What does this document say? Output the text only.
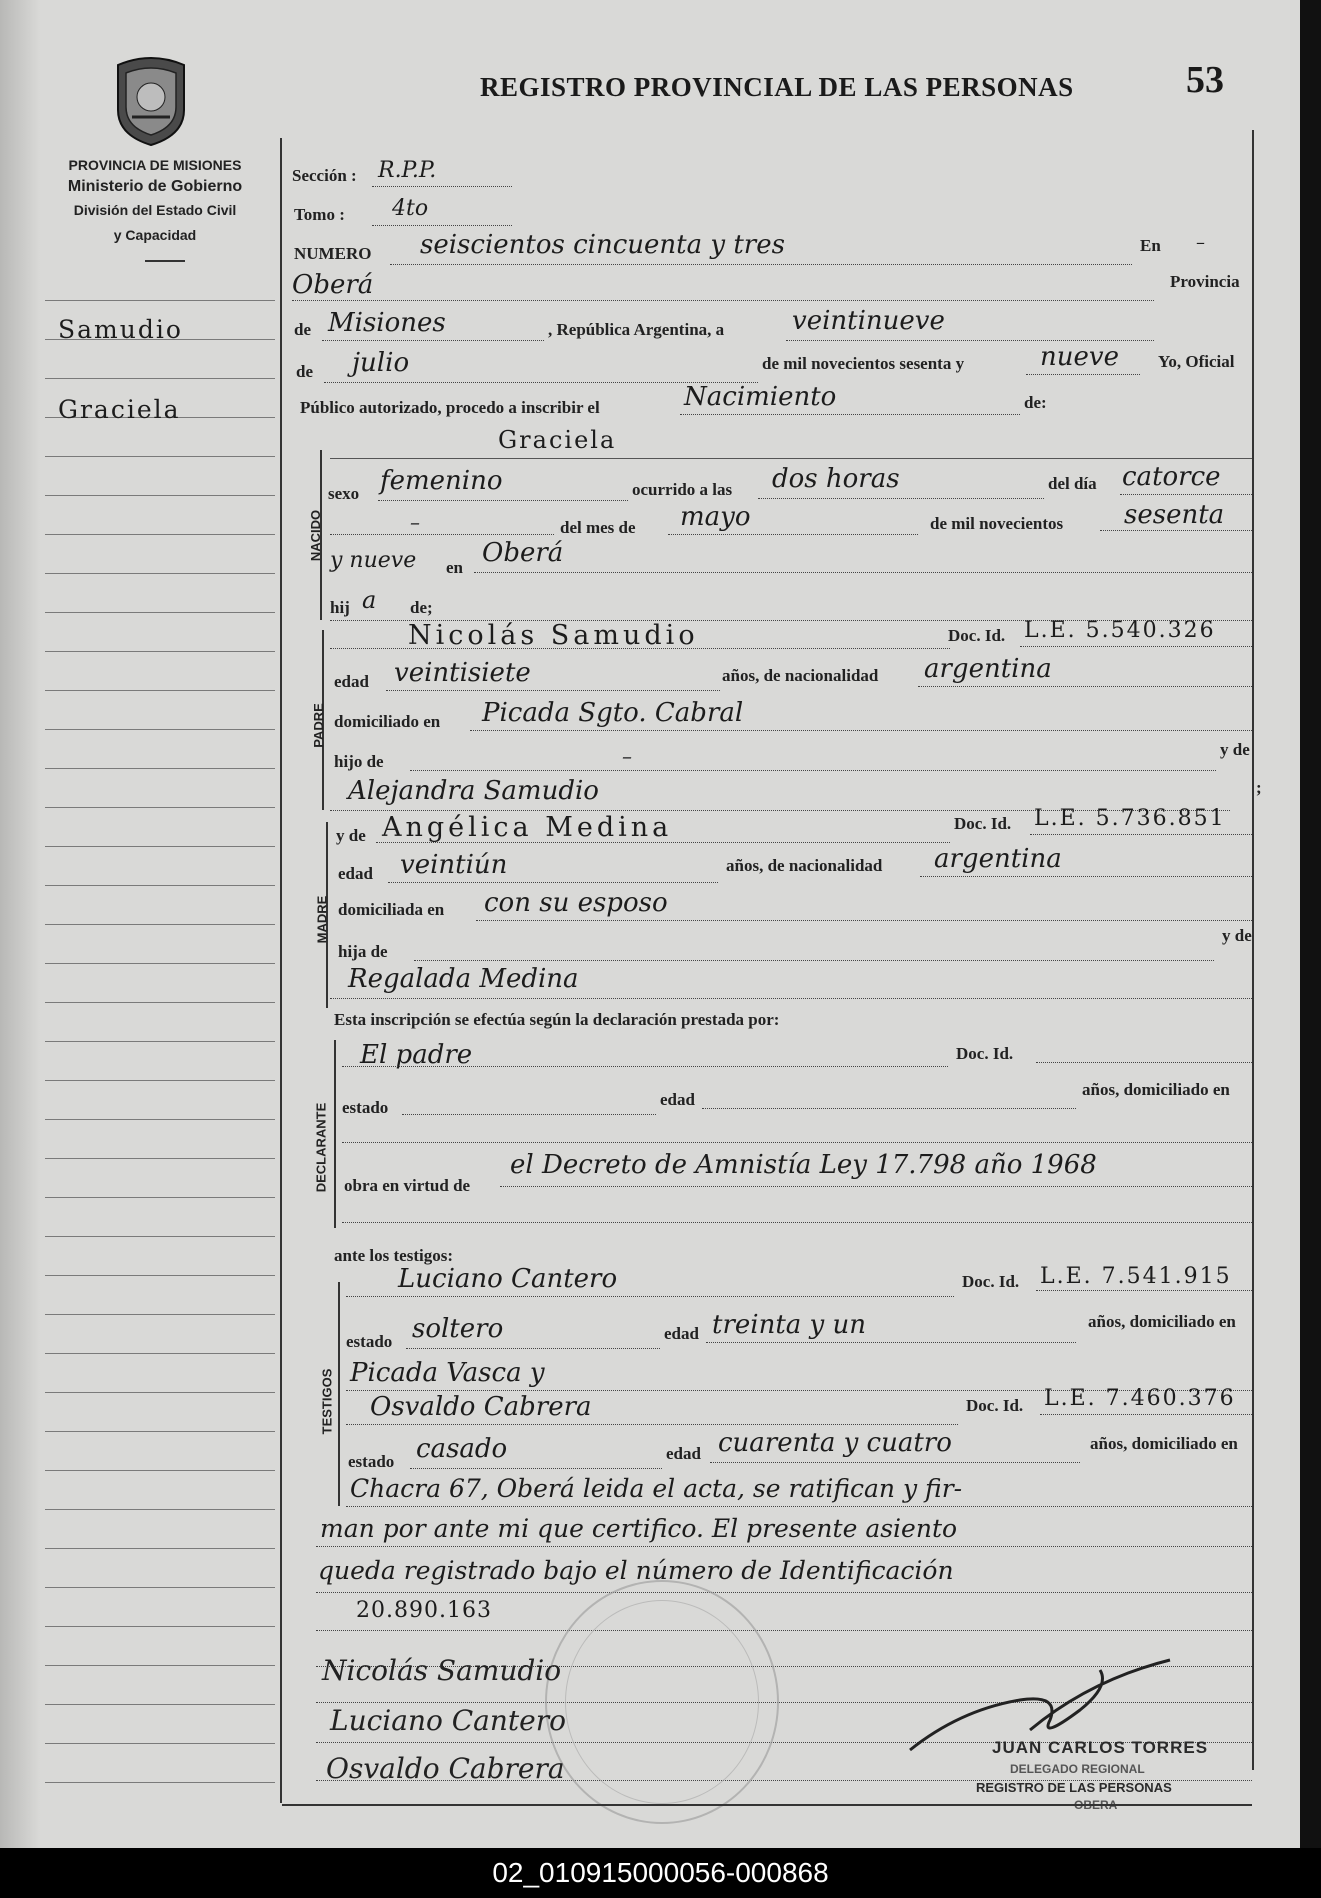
PROVINCIA DE MISIONES
Ministerio de Gobierno
División del Estado Civil
y Capacidad
REGISTRO PROVINCIAL DE LAS PERSONAS	53
Samudio
Graciela
Sección : R.P.P.
Tomo : 4to
NUMERO seiscientos cincuenta y tres	En –
Oberá	Provincia
de Misiones	, República Argentina, a	veintinueve
de julio	de mil novecientos sesenta y	nueve Yo, Oficial
Público autorizado, procedo a inscribir el	Nacimiento	de:
NACIDO
Graciela
sexo femenino	ocurrido a las dos horas	del día catorce
–	del mes de mayo	de mil novecientos sesenta
y nueve en Oberá
hij a de;
PADRE
Nicolás Samudio	Doc. Id. L.E. 5.540.326
edad veintisiete	años, de nacionalidad argentina
domiciliado en Picada Sgto. Cabral
hijo de	–	y de
Alejandra Samudio	;
MADRE
y de Angélica Medina	Doc. Id. L.E. 5.736.851
edad veintiún	años, de nacionalidad argentina
domiciliada en con su esposo
hija de
y de
Regalada Medina
Esta inscripción se efectúa según la declaración prestada por:
DECLARANTE
El padre	Doc. Id.
estado	edad
años, domiciliado en
obra en virtud de
el Decreto de Amnistía Ley 17.798 año 1968
ante los testigos:
TESTIGOS
Luciano Cantero	Doc. Id. L.E. 7.541.915
estado soltero	edad treinta y un	años, domiciliado en
Picada Vasca y
Osvaldo Cabrera	Doc. Id. L.E. 7.460.376
estado casado	edad cuarenta y cuatro	años, domiciliado en
Chacra 67, Oberá leida el acta, se ratifican y fir-
man por ante mi que certifico. El presente asiento
queda registrado bajo el número de Identificación
20.890.163
Nicolás Samudio
Luciano Cantero
Osvaldo Cabrera
JUAN CARLOS TORRES
DELEGADO REGIONAL
REGISTRO DE LAS PERSONAS
OBERA
02_010915000056-000868
